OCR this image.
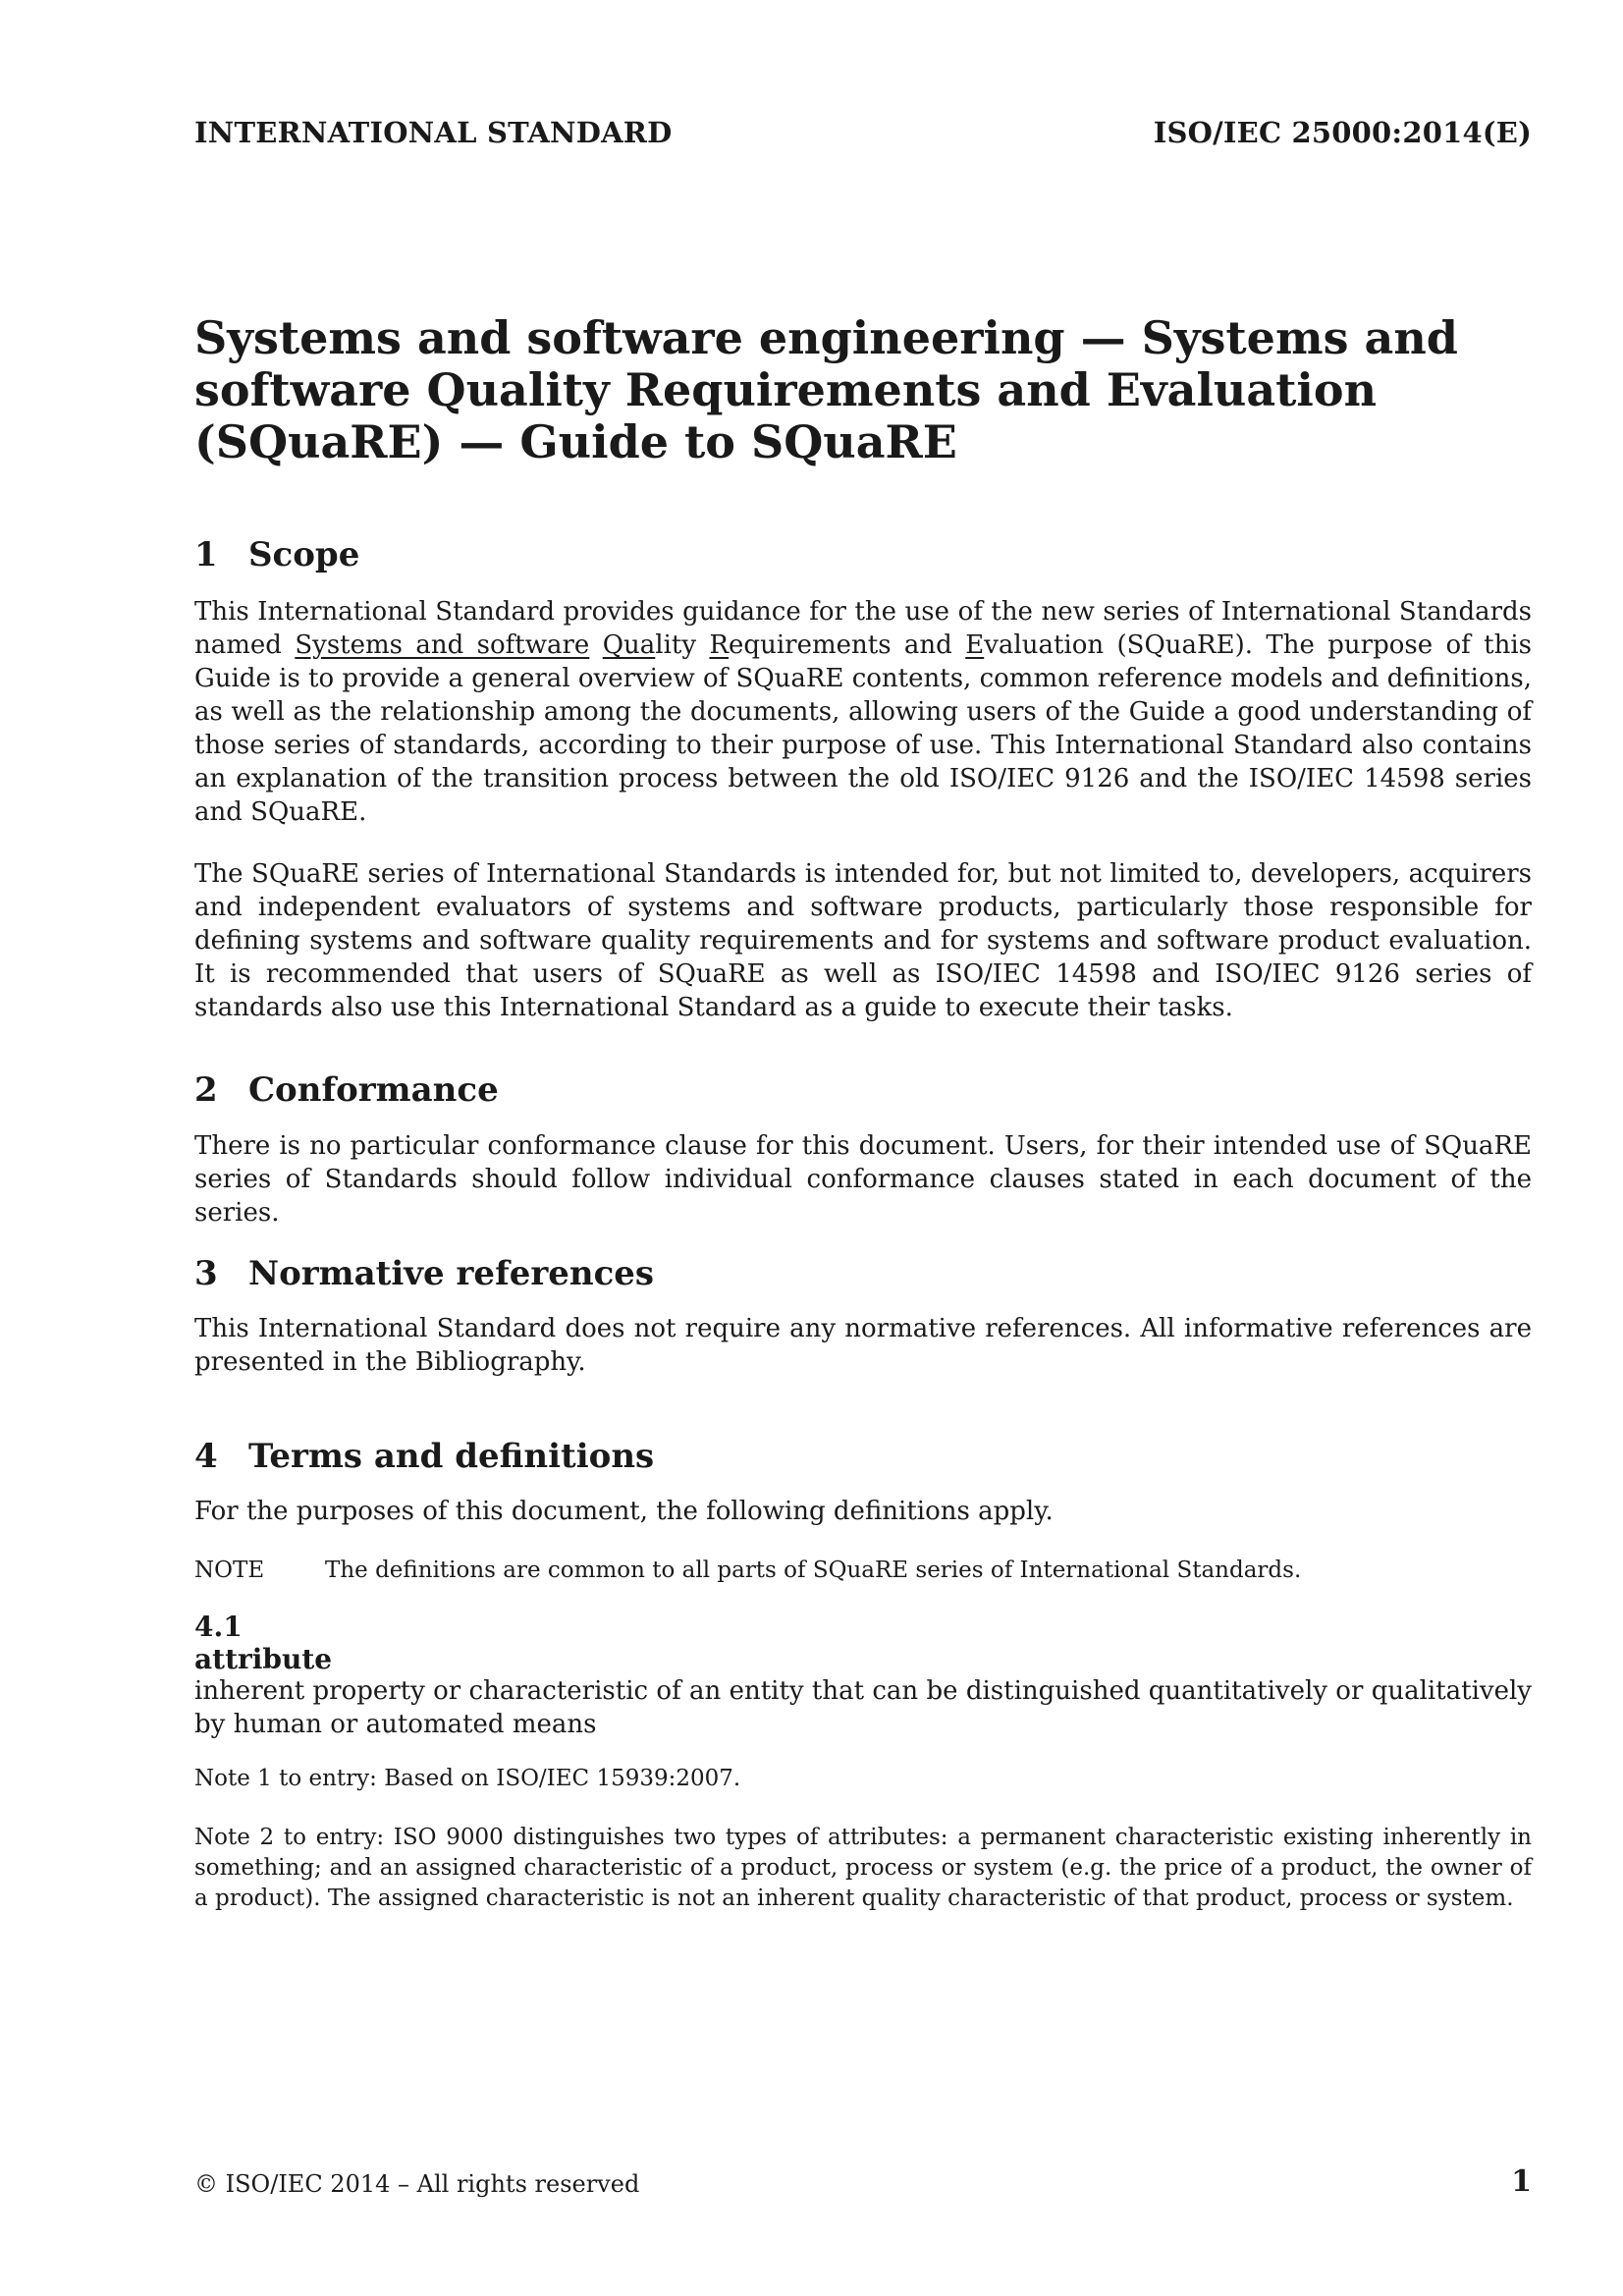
INTERNATIONAL STANDARD	ISO/IEC 25000:2014(E)
Systems and software engineering — Systems and software Quality Requirements and Evaluation (SQuaRE) — Guide to SQuaRE
1 Scope

This International Standard provides guidance for the use of the new series of International Standards named Systems and software Quality Requirements and Evaluation (SQuaRE). The purpose of this Guide is to provide a general overview of SQuaRE contents, common reference models and definitions, as well as the relationship among the documents, allowing users of the Guide a good understanding of those series of standards, according to their purpose of use. This International Standard also contains an explanation of the transition process between the old ISO/IEC 9126 and the ISO/IEC 14598 series and SQuaRE.

The SQuaRE series of International Standards is intended for, but not limited to, developers, acquirers and independent evaluators of systems and software products, particularly those responsible for defining systems and software quality requirements and for systems and software product evaluation. It is recommended that users of SQuaRE as well as ISO/IEC 14598 and ISO/IEC 9126 series of standards also use this International Standard as a guide to execute their tasks.

2 Conformance

There is no particular conformance clause for this document. Users, for their intended use of SQuaRE series of Standards should follow individual conformance clauses stated in each document of the series.

3 Normative references

This International Standard does not require any normative references. All informative references are presented in the Bibliography.

4 Terms and definitions

For the purposes of this document, the following definitions apply.

NOTE	The definitions are common to all parts of SQuaRE series of International Standards.

4.1
attribute

inherent property or characteristic of an entity that can be distinguished quantitatively or qualitatively by human or automated means

Note 1 to entry: Based on ISO/IEC 15939:2007.

Note 2 to entry: ISO 9000 distinguishes two types of attributes: a permanent characteristic existing inherently in something; and an assigned characteristic of a product, process or system (e.g. the price of a product, the owner of a product). The assigned characteristic is not an inherent quality characteristic of that product, process or system.

© ISO/IEC 2014 – All rights reserved	1
